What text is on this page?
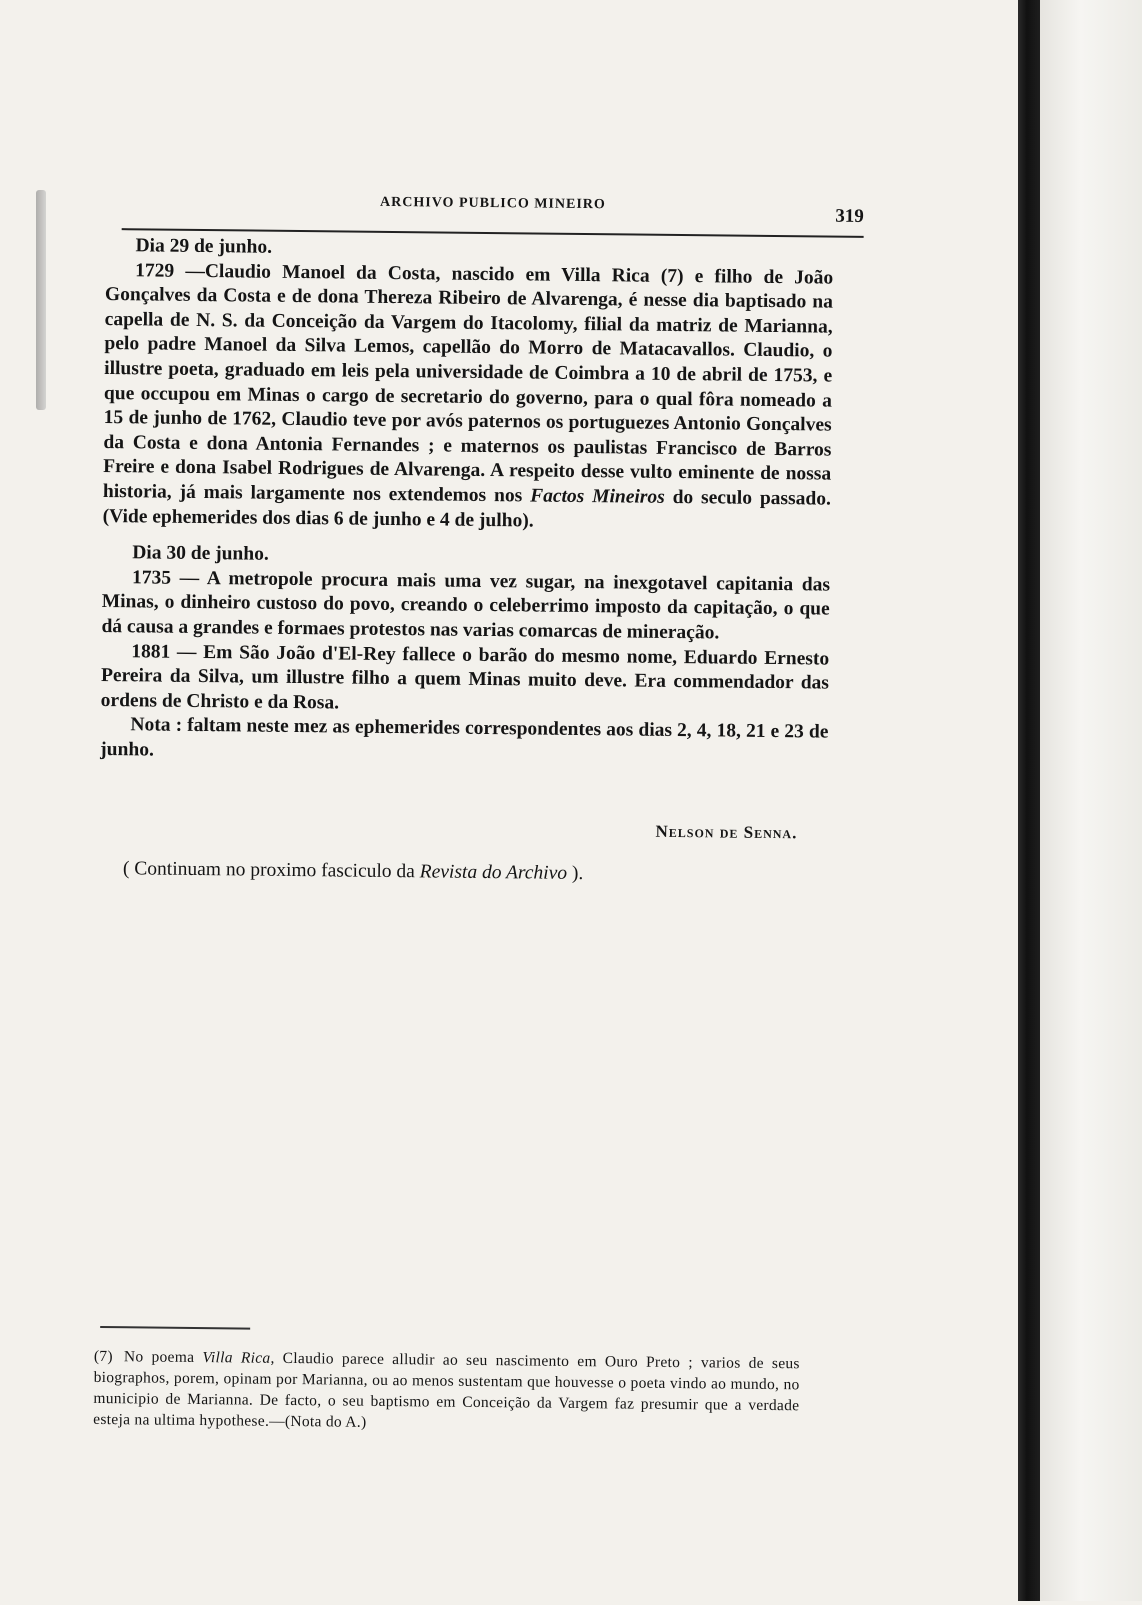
ARCHIVO PUBLICO MINEIRO
319

Dia 29 de junho.

1729 —Claudio Manoel da Costa, nascido em Villa Rica (7) e filho de João Gonçalves da Costa e de dona Thereza Ribeiro de Alvarenga, é nesse dia baptisado na capella de N. S. da Conceição da Vargem do Itacolomy, filial da matriz de Marianna, pelo padre Manoel da Silva Lemos, capellão do Morro de Matacavallos. Claudio, o illustre poeta, graduado em leis pela universidade de Coimbra a 10 de abril de 1753, e que occupou em Minas o cargo de secretario do governo, para o qual fôra nomeado a 15 de junho de 1762, Claudio teve por avós paternos os portuguezes Antonio Gonçalves da Costa e dona Antonia Fernandes ; e maternos os paulistas Francisco de Barros Freire e dona Isabel Rodrigues de Alvarenga. A respeito desse vulto eminente de nossa historia, já mais largamente nos extendemos nos Factos Mineiros do seculo passado. (Vide ephemerides dos dias 6 de junho e 4 de julho).

Dia 30 de junho.

1735 — A metropole procura mais uma vez sugar, na inexgotavel capitania das Minas, o dinheiro custoso do povo, creando o celeberrimo imposto da capitação, o que dá causa a grandes e formaes protestos nas varias comarcas de mineração.

1881 — Em São João d'El-Rey fallece o barão do mesmo nome, Eduardo Ernesto Pereira da Silva, um illustre filho a quem Minas muito deve. Era commendador das ordens de Christo e da Rosa.

Nota : faltam neste mez as ephemerides correspondentes aos dias 2, 4, 18, 21 e 23 de junho.

Nelson de Senna.

( Continuam no proximo fasciculo da Revista do Archivo ).

(7) No poema Villa Rica, Claudio parece alludir ao seu nascimento em Ouro Preto ; varios de seus biographos, porem, opinam por Marianna, ou ao menos sustentam que houvesse o poeta vindo ao mundo, no municipio de Marianna. De facto, o seu baptismo em Conceição da Vargem faz presumir que a verdade esteja na ultima hypothese.—(Nota do A.)
